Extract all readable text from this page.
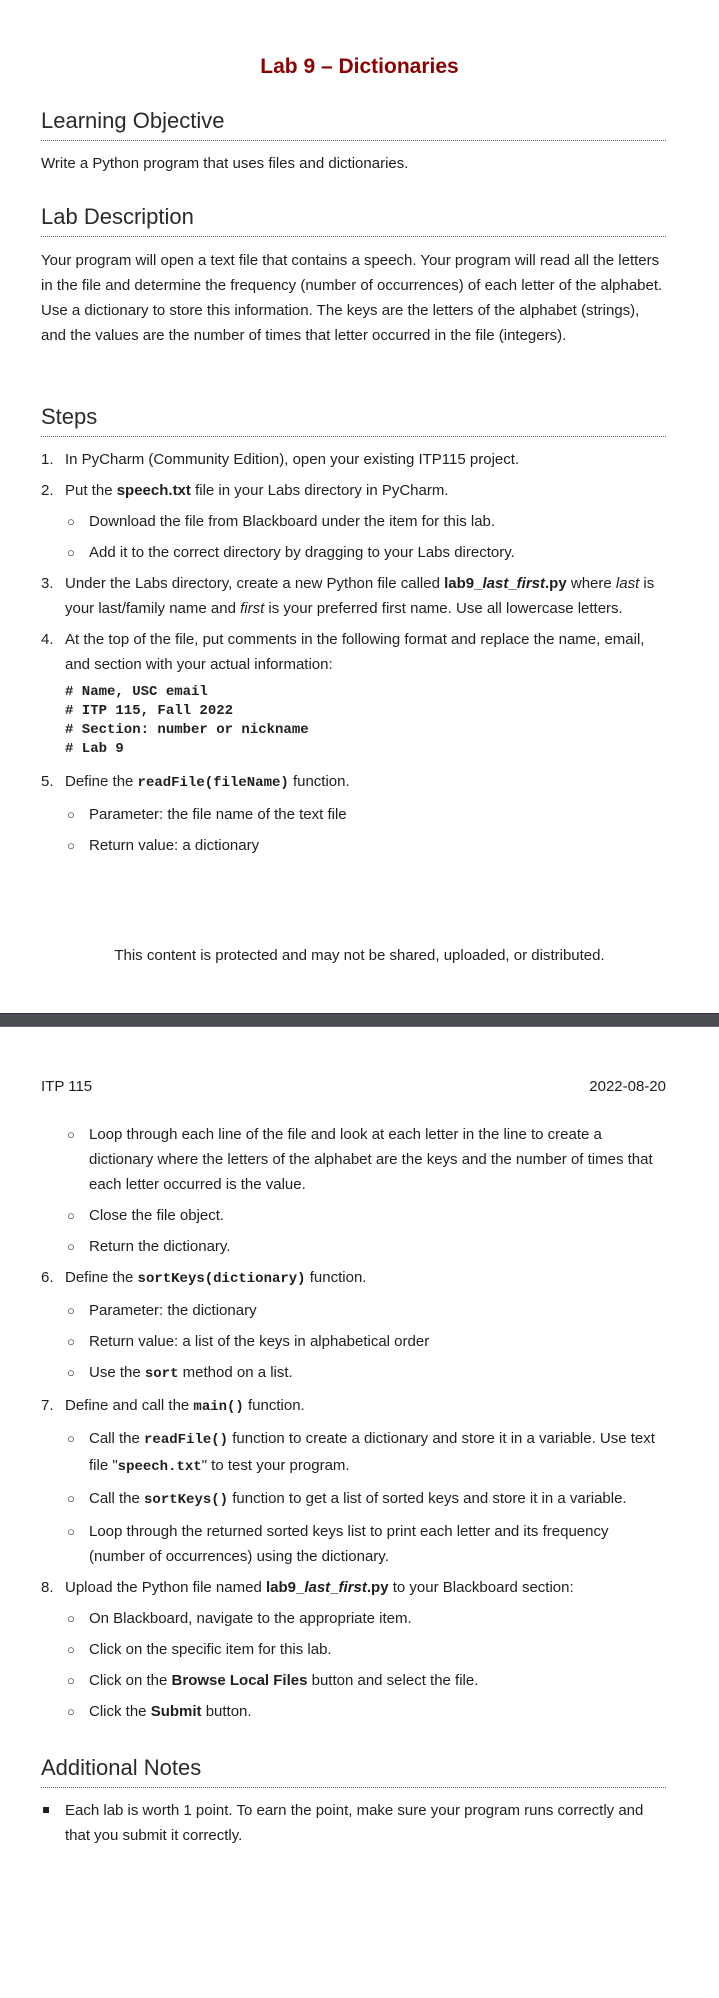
Lab 9 – Dictionaries
Learning Objective

Write a Python program that uses files and dictionaries.

Lab Description

Your program will open a text file that contains a speech. Your program will read all the letters in the file and determine the frequency (number of occurrences) of each letter of the alphabet. Use a dictionary to store this information. The keys are the letters of the alphabet (strings), and the values are the number of times that letter occurred in the file (integers).

Steps
1. In PyCharm (Community Edition), open your existing ITP115 project.
2. Put the speech.txt file in your Labs directory in PyCharm.
○ Download the file from Blackboard under the item for this lab.
○ Add it to the correct directory by dragging to your Labs directory.
3. Under the Labs directory, create a new Python file called lab9_last_first.py where last is your last/family name and first is your preferred first name. Use all lowercase letters.
4. At the top of the file, put comments in the following format and replace the name, email, and section with your actual information:
# Name, USC email
# ITP 115, Fall 2022
# Section: number or nickname
# Lab 9
5. Define the readFile(fileName) function.
○ Parameter: the file name of the text file
○ Return value: a dictionary

This content is protected and may not be shared, uploaded, or distributed.

ITP 115	2022-08-20
○ Loop through each line of the file and look at each letter in the line to create a dictionary where the letters of the alphabet are the keys and the number of times that each letter occurred is the value.
○ Close the file object.
○ Return the dictionary.
6. Define the sortKeys(dictionary) function.
○ Parameter: the dictionary
○ Return value: a list of the keys in alphabetical order
○ Use the sort method on a list.
7. Define and call the main() function.
○ Call the readFile() function to create a dictionary and store it in a variable. Use text file "speech.txt" to test your program.
○ Call the sortKeys() function to get a list of sorted keys and store it in a variable.
○ Loop through the returned sorted keys list to print each letter and its frequency (number of occurrences) using the dictionary.
8. Upload the Python file named lab9_last_first.py to your Blackboard section:
○ On Blackboard, navigate to the appropriate item.
○ Click on the specific item for this lab.
○ Click on the Browse Local Files button and select the file.
○ Click the Submit button.
Additional Notes
Each lab is worth 1 point. To earn the point, make sure your program runs correctly and that you submit it correctly.
